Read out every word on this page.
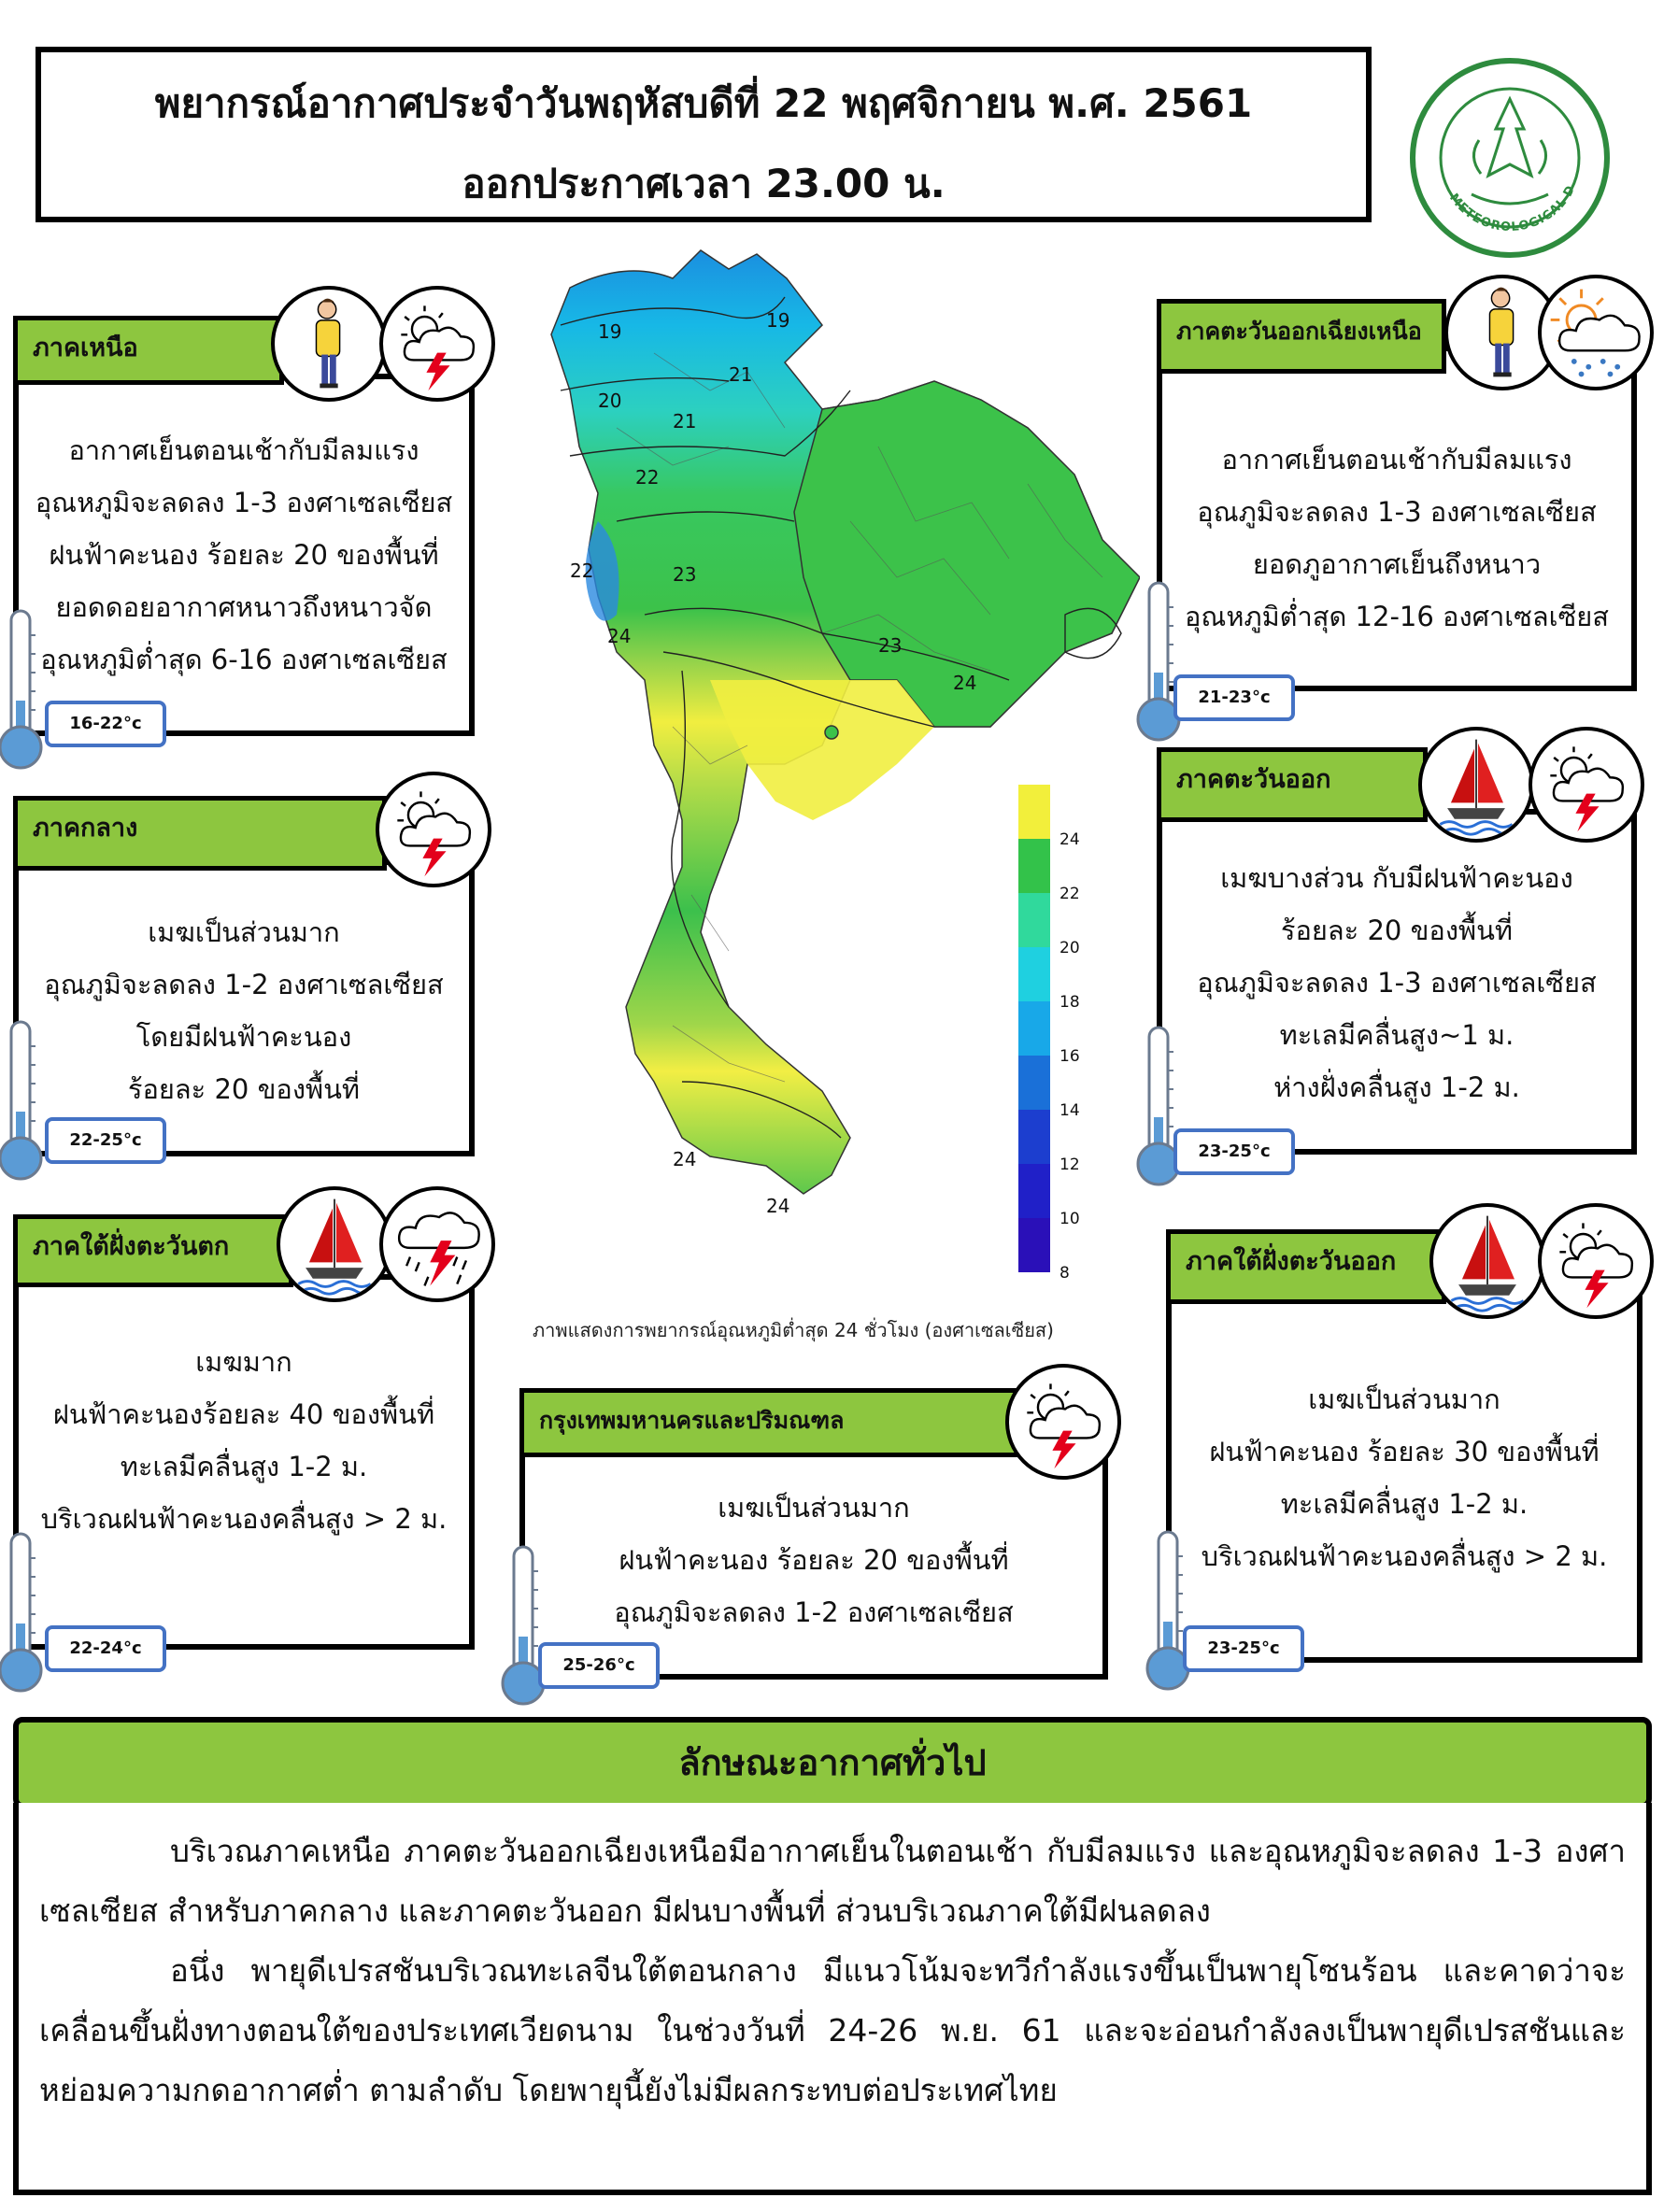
พยากรณ์อากาศประจำวันพฤหัสบดีที่ 22 พฤศจิกายน พ.ศ. 2561
ออกประกาศเวลา 23.00 น.	METEOROLOGICAL D
19
20
21
22
23
24
19
21
22
23
24
24
24
24
22
20
18
16
14
12
10
8
ภาพแสดงการพยากรณ์อุณหภูมิต่ำสุด 24 ชั่วโมง (องศาเซลเซียส)
อากาศเย็นตอนเช้ากับมีลมแรง
อุณหภูมิจะลดลง 1-3 องศาเซลเซียส
ฝนฟ้าคะนอง ร้อยละ 20 ของพื้นที่
ยอดดอยอากาศหนาวถึงหนาวจัด
อุณหภูมิต่ำสุด 6-16 องศาเซลเซียส
ภาคเหนือ
16-22°c
เมฆเป็นส่วนมาก
อุณภูมิจะลดลง 1-2 องศาเซลเซียส
โดยมีฝนฟ้าคะนอง
ร้อยละ 20 ของพื้นที่
ภาคกลาง
22-25°c
เมฆมาก
ฝนฟ้าคะนองร้อยละ 40 ของพื้นที่
ทะเลมีคลื่นสูง 1-2 ม.
บริเวณฝนฟ้าคะนองคลื่นสูง > 2 ม.
ภาคใต้ฝั่งตะวันตก
22-24°c
อากาศเย็นตอนเช้ากับมีลมแรง
อุณภูมิจะลดลง 1-3 องศาเซลเซียส
ยอดภูอากาศเย็นถึงหนาว
อุณหภูมิต่ำสุด 12-16 องศาเซลเซียส
ภาคตะวันออกเฉียงเหนือ
21-23°c
เมฆบางส่วน กับมีฝนฟ้าคะนอง
ร้อยละ 20 ของพื้นที่
อุณภูมิจะลดลง 1-3 องศาเซลเซียส
ทะเลมีคลื่นสูง~1 ม.
ห่างฝั่งคลื่นสูง 1-2 ม.
ภาคตะวันออก
23-25°c
เมฆเป็นส่วนมาก
ฝนฟ้าคะนอง ร้อยละ 30 ของพื้นที่
ทะเลมีคลื่นสูง 1-2 ม.
บริเวณฝนฟ้าคะนองคลื่นสูง > 2 ม.
ภาคใต้ฝั่งตะวันออก
23-25°c
เมฆเป็นส่วนมาก
ฝนฟ้าคะนอง ร้อยละ 20 ของพื้นที่
อุณภูมิจะลดลง 1-2 องศาเซลเซียส
กรุงเทพมหานครและปริมณฑล
25-26°c
ลักษณะอากาศทั่วไป

บริเวณภาคเหนือ ภาคตะวันออกเฉียงเหนือมีอากาศเย็นในตอนเช้า กับมีลมแรง และอุณหภูมิจะลดลง 1-3 องศาเซลเซียส สำหรับภาคกลาง และภาคตะวันออก มีฝนบางพื้นที่ ส่วนบริเวณภาคใต้มีฝนลดลง

อนึ่ง พายุดีเปรสชันบริเวณทะเลจีนใต้ตอนกลาง มีแนวโน้มจะทวีกำลังแรงขึ้นเป็นพายุโซนร้อน และคาดว่าจะเคลื่อนขึ้นฝั่งทางตอนใต้ของประเทศเวียดนาม ในช่วงวันที่ 24-26 พ.ย. 61 และจะอ่อนกำลังลงเป็นพายุดีเปรสชันและหย่อมความกดอากาศต่ำ ตามลำดับ โดยพายุนี้ยังไม่มีผลกระทบต่อประเทศไทย
